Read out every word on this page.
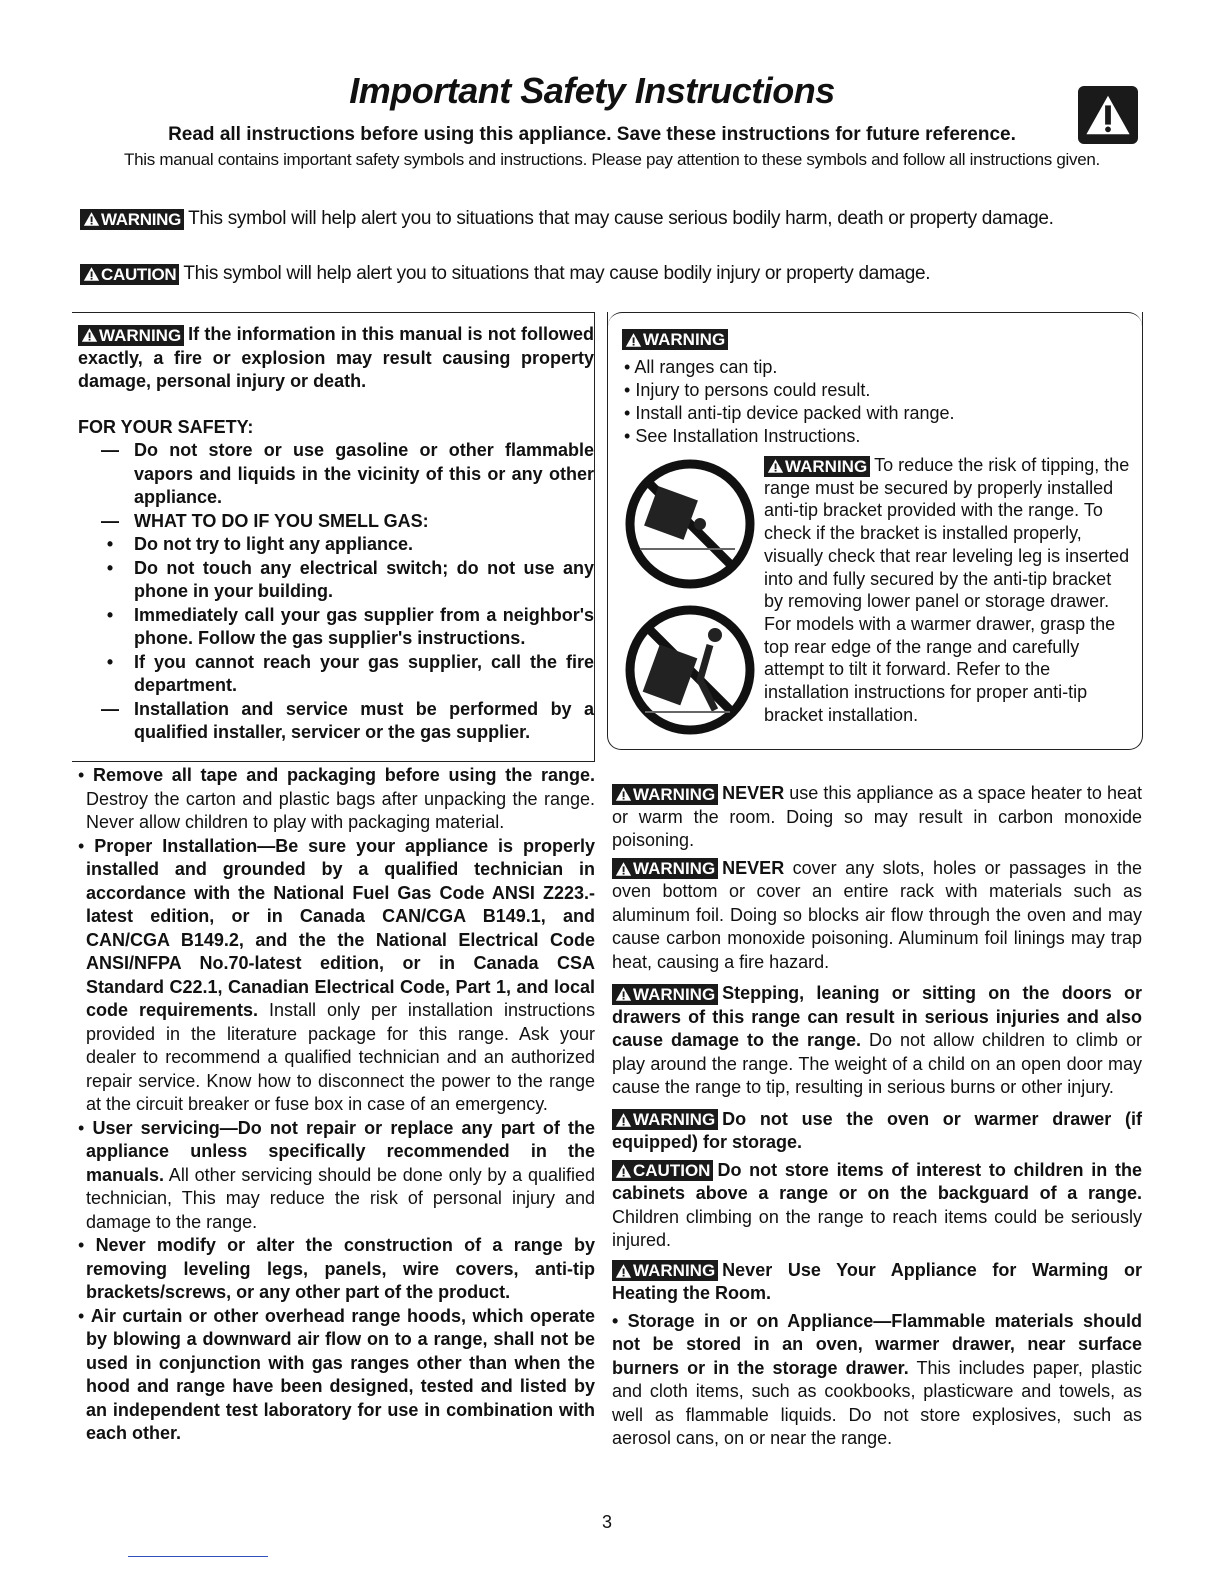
Important Safety Instructions
Read all instructions before using this appliance. Save these instructions for future reference.
This manual contains important safety symbols and instructions. Please pay attention to these symbols and follow all instructions given.
WARNING This symbol will help alert you to situations that may cause serious bodily harm, death or property damage.
CAUTION This symbol will help alert you to situations that may cause bodily injury or property damage.

WARNING If the information in this manual is not followed exactly, a fire or explosion may result causing property damage, personal injury or death.

FOR YOUR SAFETY:

— Do not store or use gasoline or other flammable vapors and liquids in the vicinity of this or any other appliance.

— WHAT TO DO IF YOU SMELL GAS:

• Do not try to light any appliance.

• Do not touch any electrical switch; do not use any phone in your building.

• Immediately call your gas supplier from a neighbor's phone. Follow the gas supplier's instructions.

• If you cannot reach your gas supplier, call the fire department.

— Installation and service must be performed by a qualified installer, servicer or the gas supplier.

• Remove all tape and packaging before using the range. Destroy the carton and plastic bags after unpacking the range. Never allow children to play with packaging material.

• Proper Installation—Be sure your appliance is properly installed and grounded by a qualified technician in accordance with the National Fuel Gas Code ANSI Z223.-latest edition, or in Canada CAN/CGA B149.1, and CAN/CGA B149.2, and the the National Electrical Code ANSI/NFPA No.70-latest edition, or in Canada CSA Standard C22.1, Canadian Electrical Code, Part 1, and local code requirements. Install only per installation instructions provided in the literature package for this range. Ask your dealer to recommend a qualified technician and an authorized repair service. Know how to disconnect the power to the range at the circuit breaker or fuse box in case of an emergency.

• User servicing—Do not repair or replace any part of the appliance unless specifically recommended in the manuals. All other servicing should be done only by a qualified technician, This may reduce the risk of personal injury and damage to the range.

• Never modify or alter the construction of a range by removing leveling legs, panels, wire covers, anti-tip brackets/screws, or any other part of the product.

• Air curtain or other overhead range hoods, which operate by blowing a downward air flow on to a range, shall not be used in conjunction with gas ranges other than when the hood and range have been designed, tested and listed by an independent test laboratory for use in combination with each other.

WARNING
• All ranges can tip.
• Injury to persons could result.
• Install anti-tip device packed with range.
• See Installation Instructions.
WARNING To reduce the risk of tipping, the range must be secured by properly installed anti-tip bracket provided with the range. To check if the bracket is installed properly, visually check that rear leveling leg is inserted into and fully secured by the anti-tip bracket by removing lower panel or storage drawer. For models with a warmer drawer, grasp the top rear edge of the range and carefully attempt to tilt it forward. Refer to the installation instructions for proper anti-tip bracket installation.

WARNING NEVER use this appliance as a space heater to heat or warm the room. Doing so may result in carbon monoxide poisoning.

WARNING NEVER cover any slots, holes or passages in the oven bottom or cover an entire rack with materials such as aluminum foil. Doing so blocks air flow through the oven and may cause carbon monoxide poisoning. Aluminum foil linings may trap heat, causing a fire hazard.

WARNING Stepping, leaning or sitting on the doors or drawers of this range can result in serious injuries and also cause damage to the range. Do not allow children to climb or play around the range. The weight of a child on an open door may cause the range to tip, resulting in serious burns or other injury.

WARNING Do not use the oven or warmer drawer (if equipped) for storage.

CAUTION Do not store items of interest to children in the cabinets above a range or on the backguard of a range. Children climbing on the range to reach items could be seriously injured.

WARNING Never Use Your Appliance for Warming or Heating the Room.

• Storage in or on Appliance—Flammable materials should not be stored in an oven, warmer drawer, near surface burners or in the storage drawer. This includes paper, plastic and cloth items, such as cookbooks, plasticware and towels, as well as flammable liquids. Do not store explosives, such as aerosol cans, on or near the range.

3
